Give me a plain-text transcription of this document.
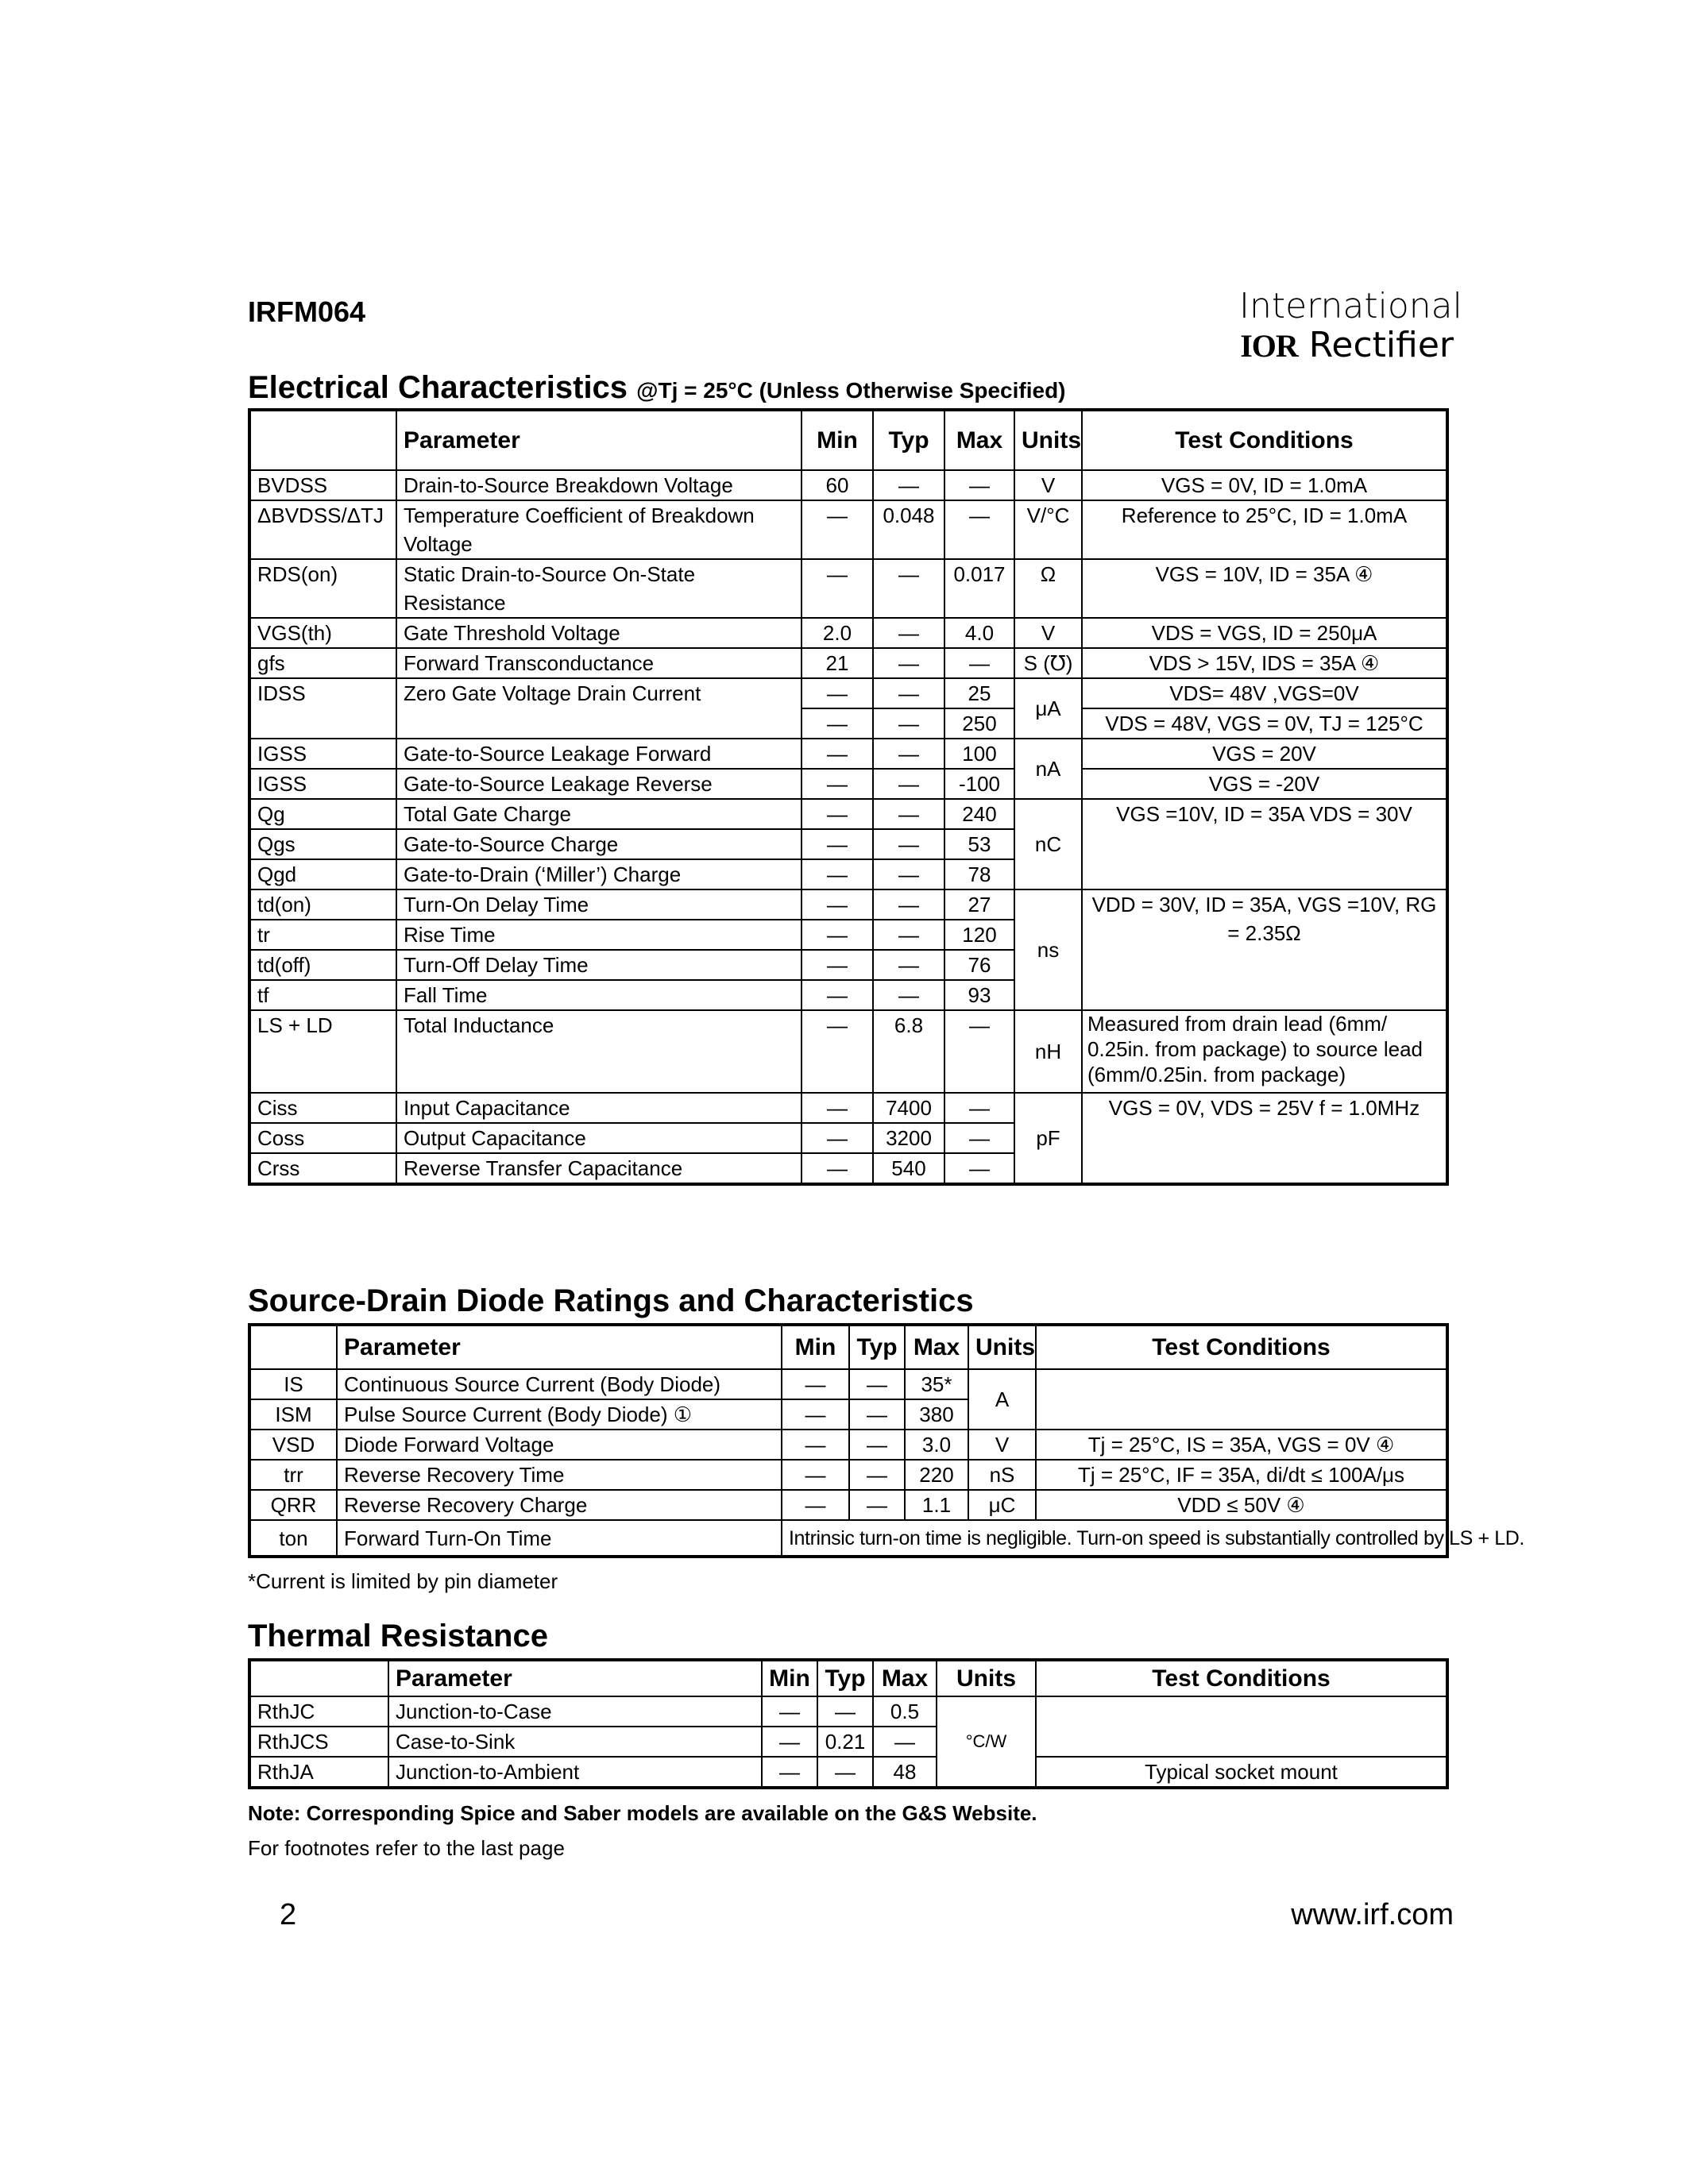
IRFM064	International
IOR Rectifier
Electrical Characteristics @Tj = 25°C (Unless Otherwise Specified)
	Parameter	Min	Typ	Max	Units	Test Conditions
BVDSS	Drain-to-Source Breakdown Voltage	60	—	—	V	VGS = 0V, ID = 1.0mA
ΔBVDSS/ΔTJ	Temperature Coefficient of Breakdown Voltage	—	0.048	—	V/°C	Reference to 25°C, ID = 1.0mA
RDS(on)	Static Drain-to-Source On-State Resistance	—	—	0.017	Ω	VGS = 10V, ID = 35A ④
VGS(th)	Gate Threshold Voltage	2.0	—	4.0	V	VDS = VGS, ID = 250μA
gfs	Forward Transconductance	21	—	—	S (℧)	VDS > 15V, IDS = 35A ④
IDSS	Zero Gate Voltage Drain Current	—	—	25	μA	VDS= 48V ,VGS=0V
		—	—	250		VDS = 48V, VGS = 0V, TJ = 125°C
IGSS	Gate-to-Source Leakage Forward	—	—	100	nA	VGS = 20V
IGSS	Gate-to-Source Leakage Reverse	—	—	-100		VGS = -20V
Qg	Total Gate Charge	—	—	240	nC	VGS =10V, ID = 35A VDS = 30V
Qgs	Gate-to-Source Charge	—	—	53		
Qgd	Gate-to-Drain (‘Miller’) Charge	—	—	78		
td(on)	Turn-On Delay Time	—	—	27	ns	VDD = 30V, ID = 35A, VGS =10V, RG = 2.35Ω
tr	Rise Time	—	—	120		
td(off)	Turn-Off Delay Time	—	—	76		
tf	Fall Time	—	—	93		
LS + LD	Total Inductance	—	6.8	—	nH	Measured from drain lead (6mm/ 0.25in. from package) to source lead (6mm/0.25in. from package)
Ciss	Input Capacitance	—	7400	—	pF	VGS = 0V, VDS = 25V f = 1.0MHz
Coss	Output Capacitance	—	3200	—		
Crss	Reverse Transfer Capacitance	—	540	—		
Source-Drain Diode Ratings and Characteristics
	Parameter	Min	Typ	Max	Units	Test Conditions
IS	Continuous Source Current (Body Diode)	—	—	35*	A	
ISM	Pulse Source Current (Body Diode) ①	—	—	380		
VSD	Diode Forward Voltage	—	—	3.0	V	Tj = 25°C, IS = 35A, VGS = 0V ④
trr	Reverse Recovery Time	—	—	220	nS	Tj = 25°C, IF = 35A, di/dt ≤ 100A/μs
QRR	Reverse Recovery Charge	—	—	1.1	μC	VDD ≤ 50V ④
ton	Forward Turn-On Time	Intrinsic turn-on time is negligible. Turn-on speed is substantially controlled by LS + LD.				
*Current is limited by pin diameter
Thermal Resistance
	Parameter	Min	Typ	Max	Units	Test Conditions
RthJC	Junction-to-Case	—	—	0.5	°C/W	
RthJCS	Case-to-Sink	—	0.21	—		
RthJA	Junction-to-Ambient	—	—	48		Typical socket mount
Note: Corresponding Spice and Saber models are available on the G&S Website.
For footnotes refer to the last page
2	www.irf.com
